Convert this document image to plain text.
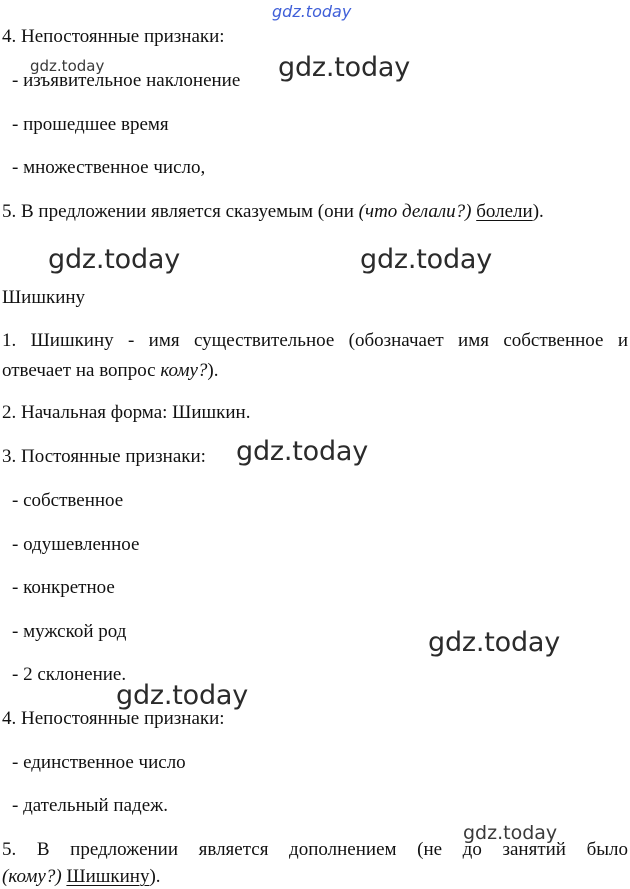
gdz.today
gdz.today	gdz.today
gdz.today	gdz.today
gdz.today
gdz.today
gdz.today
gdz.today
4. Непостоянные признаки:
- изъявительное наклонение
- прошедшее время
- множественное число,
5. В предложении является сказуемым (они (что делали?) болели).
Шишкину
1. Шишкину - имя существительное (обозначает имя собственное и
отвечает на вопрос кому?).
2. Начальная форма: Шишкин.
3. Постоянные признаки:
- собственное
- одушевленное
- конкретное
- мужской род
- 2 склонение.
4. Непостоянные признаки:
- единственное число
- дательный падеж.
5. В предложении является дополнением (не до занятий было
(кому?) Шишкину).
